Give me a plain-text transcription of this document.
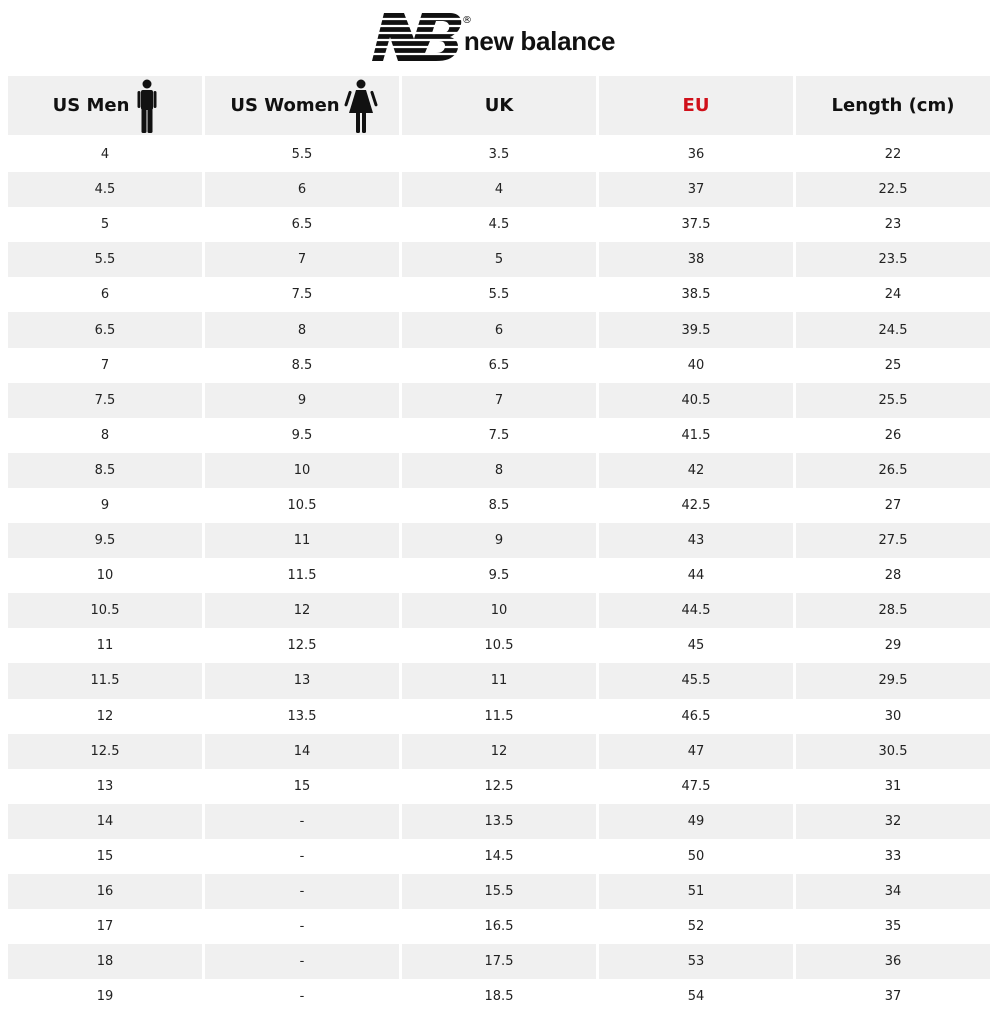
®
new balance
US Men	US Women	UK	EU	Length (cm)
4	5.5	3.5	36	22
4.5	6	4	37	22.5
5	6.5	4.5	37.5	23
5.5	7	5	38	23.5
6	7.5	5.5	38.5	24
6.5	8	6	39.5	24.5
7	8.5	6.5	40	25
7.5	9	7	40.5	25.5
8	9.5	7.5	41.5	26
8.5	10	8	42	26.5
9	10.5	8.5	42.5	27
9.5	11	9	43	27.5
10	11.5	9.5	44	28
10.5	12	10	44.5	28.5
11	12.5	10.5	45	29
11.5	13	11	45.5	29.5
12	13.5	11.5	46.5	30
12.5	14	12	47	30.5
13	15	12.5	47.5	31
14	-	13.5	49	32
15	-	14.5	50	33
16	-	15.5	51	34
17	-	16.5	52	35
18	-	17.5	53	36
19	-	18.5	54	37
